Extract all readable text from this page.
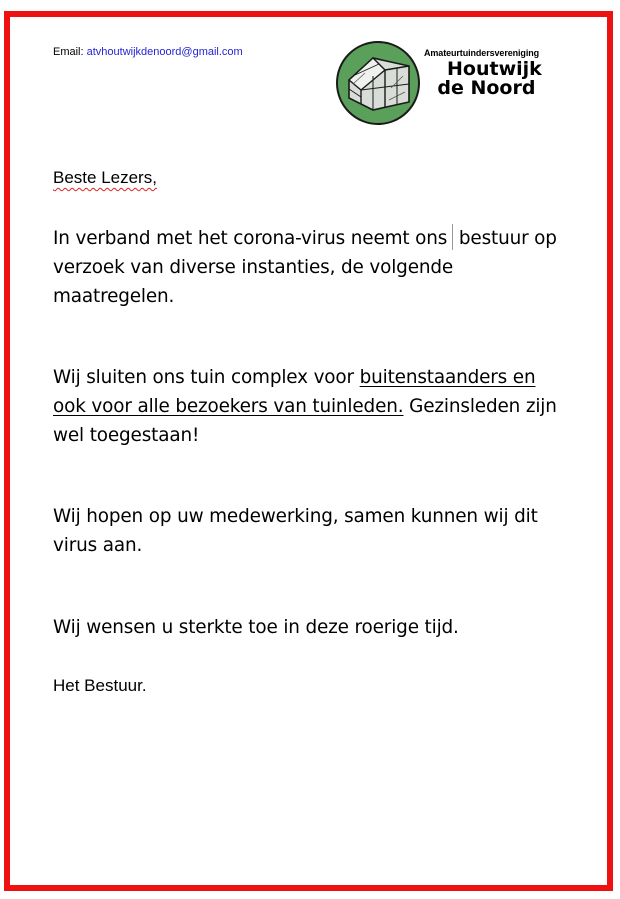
Email: atvhoutwijkdenoord@gmail.com	Amateurtuindersvereniging
Houtwijk
de Noord
Beste Lezers,
In verband met het corona-virus neemt ons bestuur op verzoek van diverse instanties, de volgende maatregelen.
Wij sluiten ons tuin complex voor buitenstaanders en ook voor alle bezoekers van tuinleden. Gezinsleden zijn wel toegestaan!
Wij hopen op uw medewerking, samen kunnen wij dit virus aan.
Wij wensen u sterkte toe in deze roerige tijd.
Het Bestuur.
